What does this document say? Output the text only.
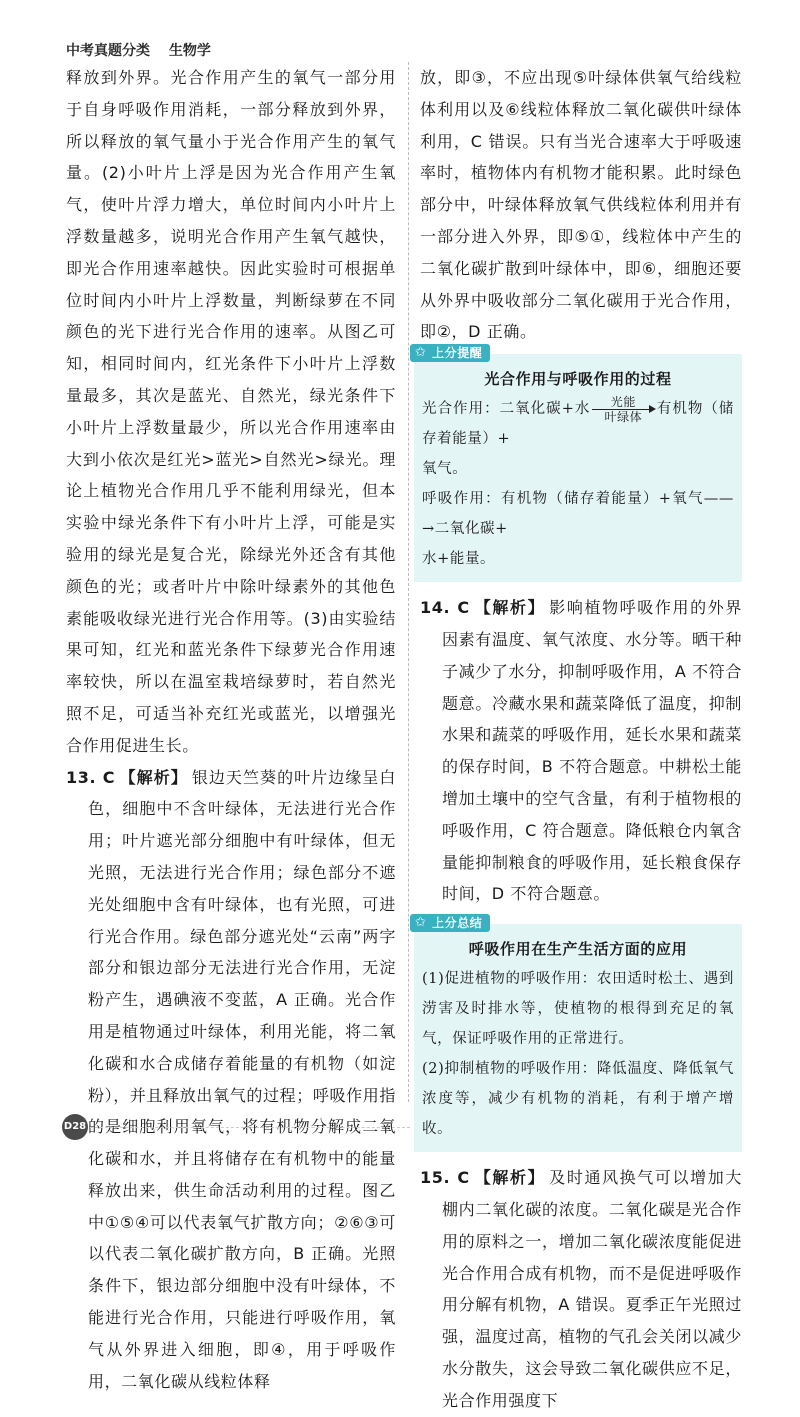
中考真题分类 生物学

释放到外界。光合作用产生的氧气一部分用于自身呼吸作用消耗，一部分释放到外界，所以释放的氧气量小于光合作用产生的氧气量。(2)小叶片上浮是因为光合作用产生氧气，使叶片浮力增大，单位时间内小叶片上浮数量越多，说明光合作用产生氧气越快，即光合作用速率越快。因此实验时可根据单位时间内小叶片上浮数量，判断绿萝在不同颜色的光下进行光合作用的速率。从图乙可知，相同时间内，红光条件下小叶片上浮数量最多，其次是蓝光、自然光，绿光条件下小叶片上浮数量最少，所以光合作用速率由大到小依次是红光>蓝光>自然光>绿光。理论上植物光合作用几乎不能利用绿光，但本实验中绿光条件下有小叶片上浮，可能是实验用的绿光是复合光，除绿光外还含有其他颜色的光；或者叶片中除叶绿素外的其他色素能吸收绿光进行光合作用等。(3)由实验结果可知，红光和蓝光条件下绿萝光合作用速率较快，所以在温室栽培绿萝时，若自然光照不足，可适当补充红光或蓝光，以增强光合作用促进生长。

13. C 【解析】 银边天竺葵的叶片边缘呈白色，细胞中不含叶绿体，无法进行光合作用；叶片遮光部分细胞中有叶绿体，但无光照，无法进行光合作用；绿色部分不遮光处细胞中含有叶绿体，也有光照，可进行光合作用。绿色部分遮光处“云南”两字部分和银边部分无法进行光合作用，无淀粉产生，遇碘液不变蓝，A 正确。光合作用是植物通过叶绿体，利用光能，将二氧化碳和水合成储存着能量的有机物（如淀粉），并且释放出氧气的过程；呼吸作用指的是细胞利用氧气，将有机物分解成二氧化碳和水，并且将储存在有机物中的能量释放出来，供生命活动利用的过程。图乙中①⑤④可以代表氧气扩散方向；②⑥③可以代表二氧化碳扩散方向，B 正确。光照条件下，银边部分细胞中没有叶绿体，不能进行光合作用，只能进行呼吸作用，氧气从外界进入细胞，即④，用于呼吸作用，二氧化碳从线粒体释

放，即③，不应出现⑤叶绿体供氧气给线粒体利用以及⑥线粒体释放二氧化碳供叶绿体利用，C 错误。只有当光合速率大于呼吸速率时，植物体内有机物才能积累。此时绿色部分中，叶绿体释放氧气供线粒体利用并有一部分进入外界，即⑤①，线粒体中产生的二氧化碳扩散到叶绿体中，即⑥，细胞还要从外界中吸收部分二氧化碳用于光合作用，即②，D 正确。

✩ 上分提醒
光合作用与呼吸作用的过程

光合作用：二氧化碳+水	光能
叶绿体 有机物（储存着能量）+

氧气。

呼吸作用：有机物（储存着能量）+氧气——→二氧化碳+

水+能量。

14. C 【解析】 影响植物呼吸作用的外界因素有温度、氧气浓度、水分等。晒干种子减少了水分，抑制呼吸作用，A 不符合题意。冷藏水果和蔬菜降低了温度，抑制水果和蔬菜的呼吸作用，延长水果和蔬菜的保存时间，B 不符合题意。中耕松土能增加土壤中的空气含量，有利于植物根的呼吸作用，C 符合题意。降低粮仓内氧含量能抑制粮食的呼吸作用，延长粮食保存时间，D 不符合题意。

✩ 上分总结
呼吸作用在生产生活方面的应用

(1)促进植物的呼吸作用：农田适时松土、遇到涝害及时排水等，使植物的根得到充足的氧气，保证呼吸作用的正常进行。

(2)抑制植物的呼吸作用：降低温度、降低氧气浓度等，减少有机物的消耗，有利于增产增收。

15. C 【解析】 及时通风换气可以增加大棚内二氧化碳的浓度。二氧化碳是光合作用的原料之一，增加二氧化碳浓度能促进光合作用合成有机物，而不是促进呼吸作用分解有机物，A 错误。夏季正午光照过强，温度过高，植物的气孔会关闭以减少水分散失，这会导致二氧化碳供应不足，光合作用强度下

D28
